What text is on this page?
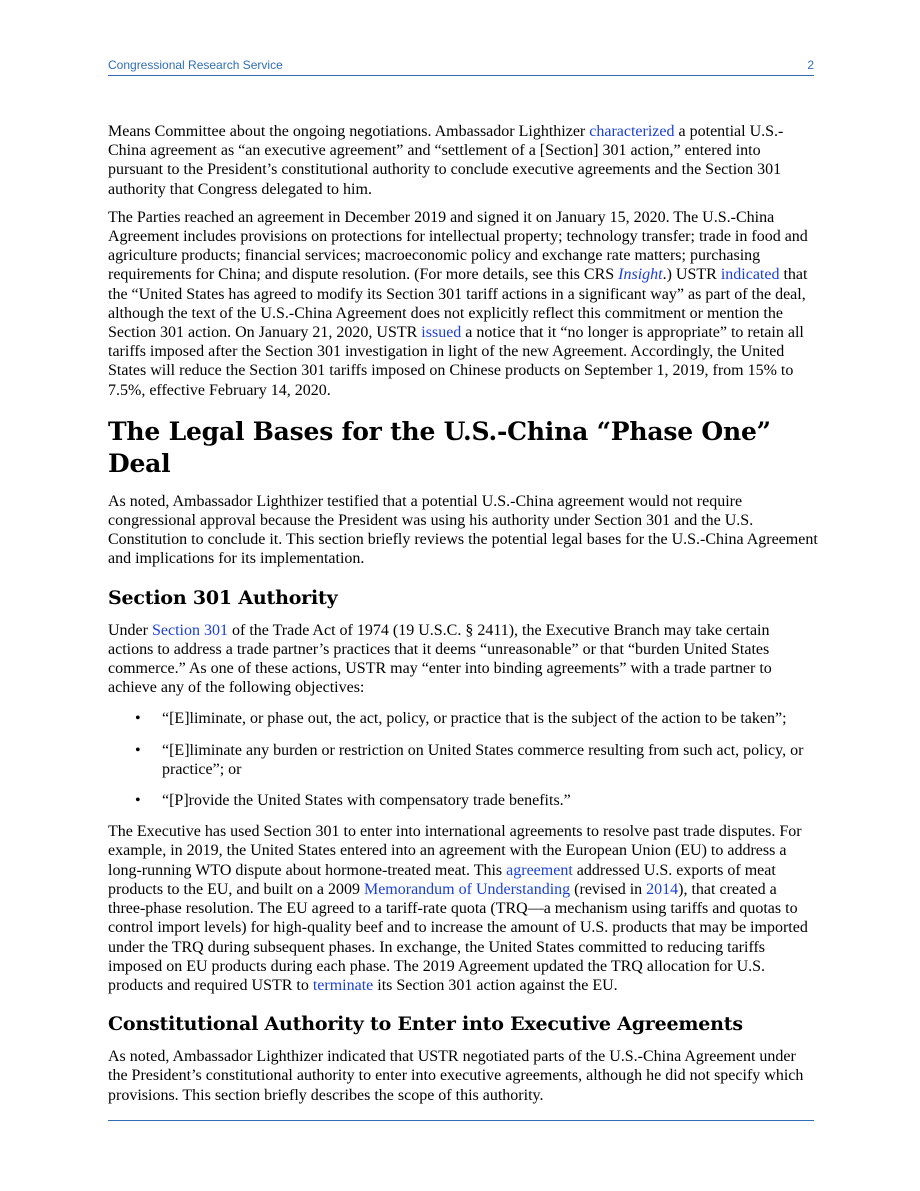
Congressional Research Service	2

Means Committee about the ongoing negotiations. Ambassador Lighthizer characterized a potential U.S.-China agreement as “an executive agreement” and “settlement of a [Section] 301 action,” entered into pursuant to the President’s constitutional authority to conclude executive agreements and the Section 301 authority that Congress delegated to him.

The Parties reached an agreement in December 2019 and signed it on January 15, 2020. The U.S.-China Agreement includes provisions on protections for intellectual property; technology transfer; trade in food and agriculture products; financial services; macroeconomic policy and exchange rate matters; purchasing requirements for China; and dispute resolution. (For more details, see this CRS Insight.) USTR indicated that the “United States has agreed to modify its Section 301 tariff actions in a significant way” as part of the deal, although the text of the U.S.-China Agreement does not explicitly reflect this commitment or mention the Section 301 action. On January 21, 2020, USTR issued a notice that it “no longer is appropriate” to retain all tariffs imposed after the Section 301 investigation in light of the new Agreement. Accordingly, the United States will reduce the Section 301 tariffs imposed on Chinese products on September 1, 2019, from 15% to 7.5%, effective February 14, 2020.

The Legal Bases for the U.S.-China “Phase One” Deal

As noted, Ambassador Lighthizer testified that a potential U.S.-China agreement would not require congressional approval because the President was using his authority under Section 301 and the U.S. Constitution to conclude it. This section briefly reviews the potential legal bases for the U.S.-China Agreement and implications for its implementation.

Section 301 Authority

Under Section 301 of the Trade Act of 1974 (19 U.S.C. § 2411), the Executive Branch may take certain actions to address a trade partner’s practices that it deems “unreasonable” or that “burden United States commerce.” As one of these actions, USTR may “enter into binding agreements” with a trade partner to achieve any of the following objectives:

• “[E]liminate, or phase out, the act, policy, or practice that is the subject of the action to be taken”;
• “[E]liminate any burden or restriction on United States commerce resulting from such act, policy, or practice”; or
• “[P]rovide the United States with compensatory trade benefits.”

The Executive has used Section 301 to enter into international agreements to resolve past trade disputes. For example, in 2019, the United States entered into an agreement with the European Union (EU) to address a long-running WTO dispute about hormone-treated meat. This agreement addressed U.S. exports of meat products to the EU, and built on a 2009 Memorandum of Understanding (revised in 2014), that created a three-phase resolution. The EU agreed to a tariff-rate quota (TRQ—a mechanism using tariffs and quotas to control import levels) for high-quality beef and to increase the amount of U.S. products that may be imported under the TRQ during subsequent phases. In exchange, the United States committed to reducing tariffs imposed on EU products during each phase. The 2019 Agreement updated the TRQ allocation for U.S. products and required USTR to terminate its Section 301 action against the EU.

Constitutional Authority to Enter into Executive Agreements

As noted, Ambassador Lighthizer indicated that USTR negotiated parts of the U.S.-China Agreement under the President’s constitutional authority to enter into executive agreements, although he did not specify which provisions. This section briefly describes the scope of this authority.
